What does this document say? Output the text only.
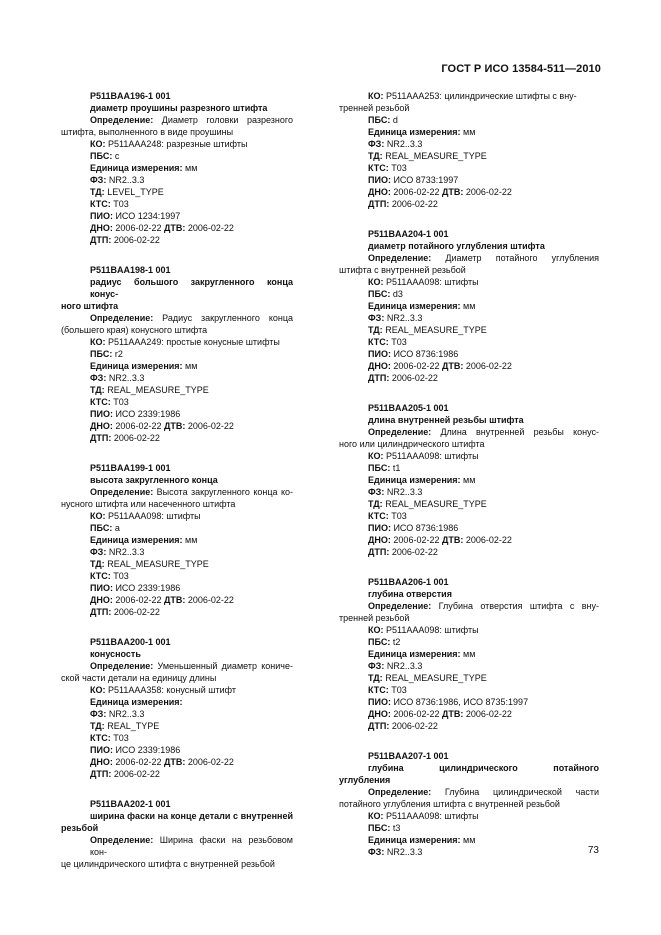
ГОСТ Р ИСО 13584-511—2010
P511BAA196-1 001
диаметр проушины разрезного штифта
Определение: Диаметр головки разрезного
штифта, выполненного в виде проушины
КО: P511AAA248: разрезные штифты
ПБС: c
Единица измерения: мм
ФЗ: NR2..3.3
ТД: LEVEL_TYPE
КТС: T03
ПИО: ИСО 1234:1997
ДНО: 2006-02-22 ДТВ: 2006-02-22
ДТП: 2006-02-22
P511BAA198-1 001
радиус большого закругленного конца конус-
ного штифта
Определение: Радиус закругленного конца
(большего края) конусного штифта
КО: P511AAA249: простые конусные штифты
ПБС: r2
Единица измерения: мм
ФЗ: NR2..3.3
ТД: REAL_MEASURE_TYPE
КТС: T03
ПИО: ИСО 2339:1986
ДНО: 2006-02-22 ДТВ: 2006-02-22
ДТП: 2006-02-22
P511BAA199-1 001
высота закругленного конца
Определение: Высота закругленного конца ко-
нусного штифта или насеченного штифта
КО: P511AAA098: штифты
ПБС: a
Единица измерения: мм
ФЗ: NR2..3.3
ТД: REAL_MEASURE_TYPE
КТС: T03
ПИО: ИСО 2339:1986
ДНО: 2006-02-22 ДТВ: 2006-02-22
ДТП: 2006-02-22
P511BAA200-1 001
конусность
Определение: Уменьшенный диаметр кониче-
ской части детали на единицу длины
КО: P511AAA358: конусный штифт
Единица измерения:
ФЗ: NR2..3.3
ТД: REAL_TYPE
КТС: T03
ПИО: ИСО 2339:1986
ДНО: 2006-02-22 ДТВ: 2006-02-22
ДТП: 2006-02-22
P511BAA202-1 001
ширина фаски на конце детали с внутренней
резьбой
Определение: Ширина фаски на резьбовом кон-
це цилиндрического штифта с внутренней резьбой
КО: P511AAA253: цилиндрические штифты с вну-
тренней резьбой
ПБС: d
Единица измерения: мм
ФЗ: NR2..3.3
ТД: REAL_MEASURE_TYPE
КТС: T03
ПИО: ИСО 8733:1997
ДНО: 2006-02-22 ДТВ: 2006-02-22
ДТП: 2006-02-22
P511BAA204-1 001
диаметр потайного углубления штифта
Определение: Диаметр потайного углубления
штифта с внутренней резьбой
КО: P511AAA098: штифты
ПБС: d3
Единица измерения: мм
ФЗ: NR2..3.3
ТД: REAL_MEASURE_TYPE
КТС: T03
ПИО: ИСО 8736:1986
ДНО: 2006-02-22 ДТВ: 2006-02-22
ДТП: 2006-02-22
P511BAA205-1 001
длина внутренней резьбы штифта
Определение: Длина внутренней резьбы конус-
ного или цилиндрического штифта
КО: P511AAA098: штифты
ПБС: t1
Единица измерения: мм
ФЗ: NR2..3.3
ТД: REAL_MEASURE_TYPE
КТС: T03
ПИО: ИСО 8736:1986
ДНО: 2006-02-22 ДТВ: 2006-02-22
ДТП: 2006-02-22
P511BAA206-1 001
глубина отверстия
Определение: Глубина отверстия штифта с вну-
тренней резьбой
КО: P511AAA098: штифты
ПБС: t2
Единица измерения: мм
ФЗ: NR2..3.3
ТД: REAL_MEASURE_TYPE
КТС: T03
ПИО: ИСО 8736:1986, ИСО 8735:1997
ДНО: 2006-02-22 ДТВ: 2006-02-22
ДТП: 2006-02-22
P511BAA207-1 001
глубина цилиндрического потайного
углубления
Определение: Глубина цилиндрической части
потайного углубления штифта с внутренней резьбой
КО: P511AAA098: штифты
ПБС: t3
Единица измерения: мм
ФЗ: NR2..3.3	73
